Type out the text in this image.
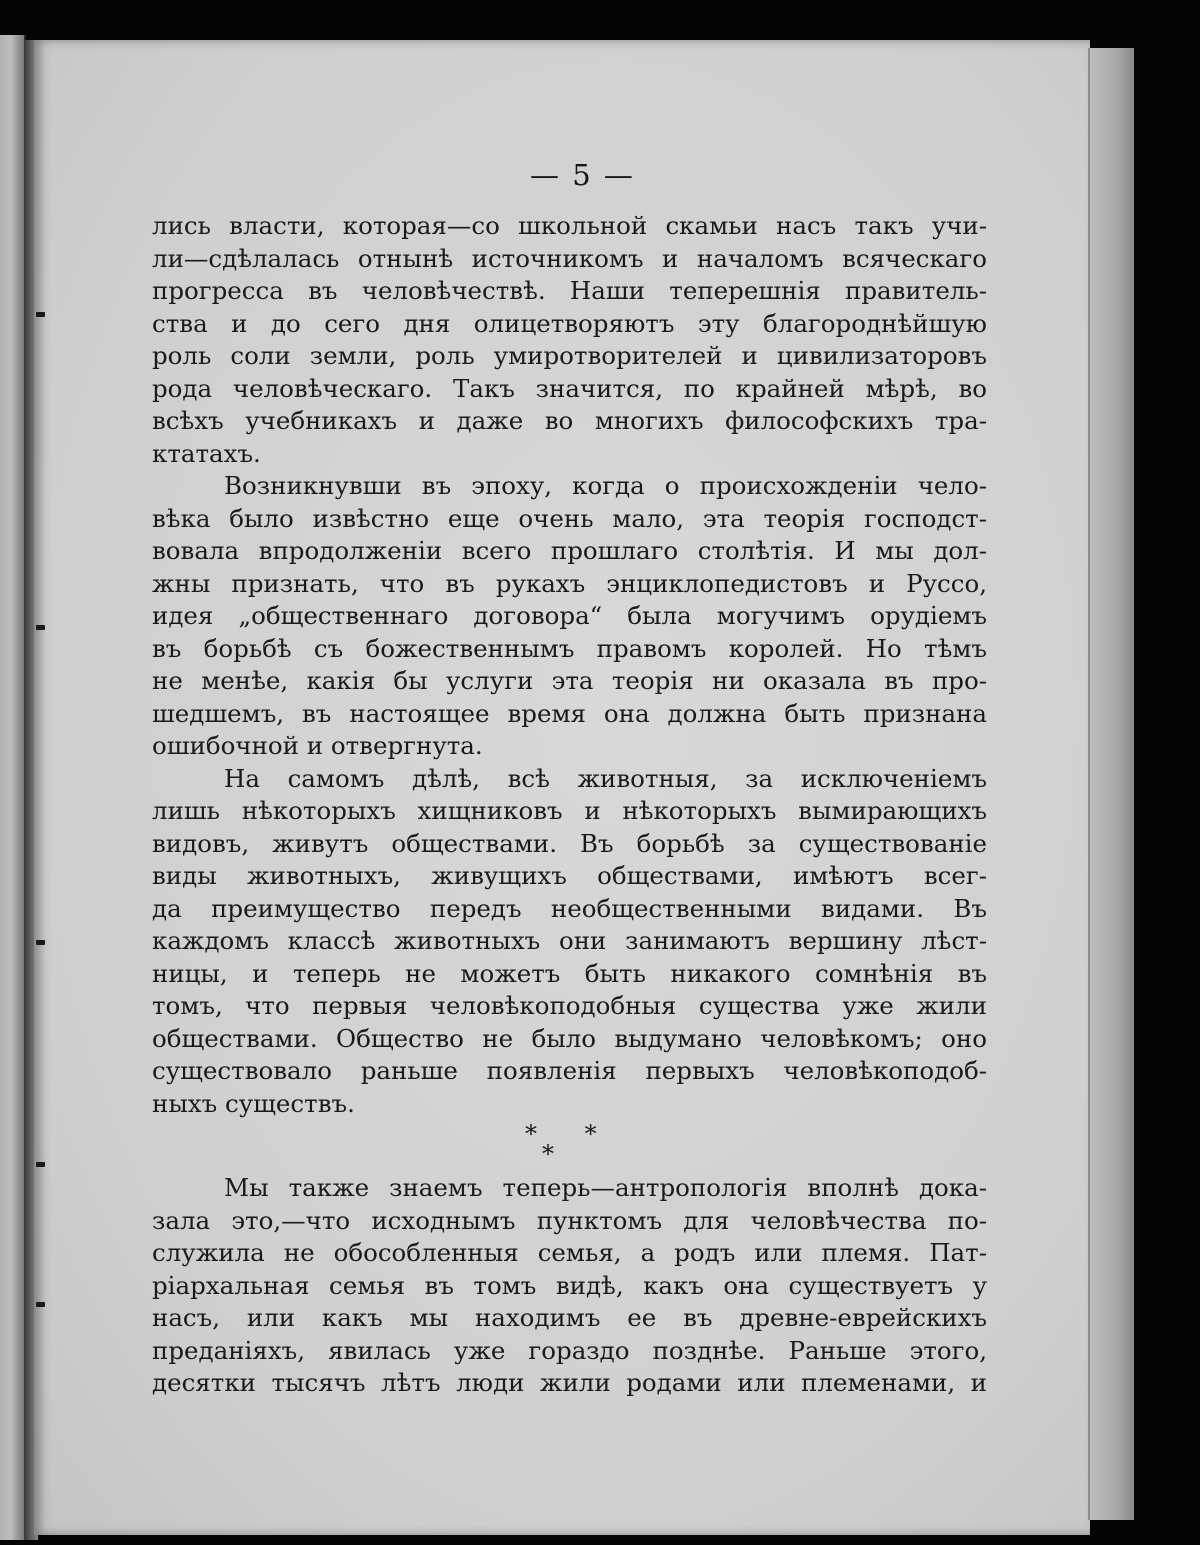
— 5 —
лись власти, которая—со школьной скамьи насъ такъ учи-
ли—сдѣлалась отнынѣ источникомъ и началомъ всяческаго
прогресса въ человѣчествѣ. Наши теперешнія правитель-
ства и до сего дня олицетворяютъ эту благороднѣйшую
роль соли земли, роль умиротворителей и цивилизаторовъ
рода человѣческаго. Такъ значится, по крайней мѣрѣ, во
всѣхъ учебникахъ и даже во многихъ философскихъ тра-
ктатахъ.
Возникнувши въ эпоху, когда о происхожденіи чело-
вѣка было извѣстно еще очень мало, эта теорія господст-
вовала впродолженіи всего прошлаго столѣтія. И мы дол-
жны признать, что въ рукахъ энциклопедистовъ и Руссо,
идея „общественнаго договора“ была могучимъ орудіемъ
въ борьбѣ съ божественнымъ правомъ королей. Но тѣмъ
не менѣе, какія бы услуги эта теорія ни оказала въ про-
шедшемъ, въ настоящее время она должна быть признана
ошибочной и отвергнута.
На самомъ дѣлѣ, всѣ животныя, за исключеніемъ
лишь нѣкоторыхъ хищниковъ и нѣкоторыхъ вымирающихъ
видовъ, живутъ обществами. Въ борьбѣ за существованіе
виды животныхъ, живущихъ обществами, имѣютъ всег-
да преимущество передъ необщественными видами. Въ
каждомъ классѣ животныхъ они занимаютъ вершину лѣст-
ницы, и теперь не можетъ быть никакого сомнѣнія въ
томъ, что первыя человѣкоподобныя существа уже жили
обществами. Общество не было выдумано человѣкомъ; оно
существовало раньше появленія первыхъ человѣкоподоб-
ныхъ существъ.
* *
*
Мы также знаемъ теперь—антропологія вполнѣ дока-
зала это,—что исходнымъ пунктомъ для человѣчества по-
служила не обособленныя семья, а родъ или племя. Пат-
ріархальная семья въ томъ видѣ, какъ она существуетъ у
насъ, или какъ мы находимъ ее въ древне-еврейскихъ
преданіяхъ, явилась уже гораздо позднѣе. Раньше этого,
десятки тысячъ лѣтъ люди жили родами или племенами, и
